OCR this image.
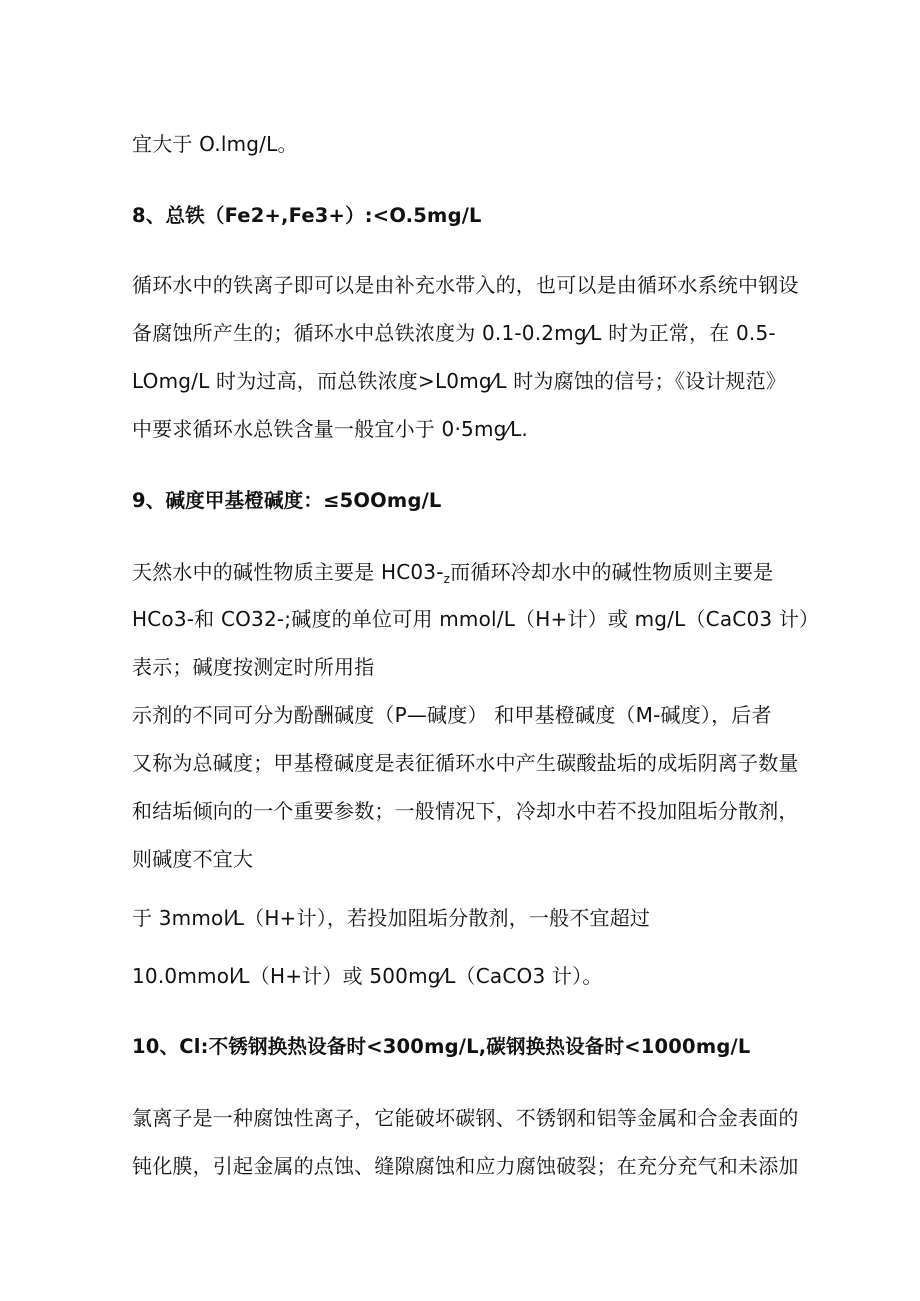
宜大于 O.lmg/L。
8、总铁（Fe2+,Fe3+）:<O.5mg/L
循环水中的铁离子即可以是由补充水带入的，也可以是由循环水系统中钢设
备腐蚀所产生的；循环水中总铁浓度为 0.1-0.2mg⁄L 时为正常，在 0.5-
LOmg/L 时为过高，而总铁浓度>L0mg⁄L 时为腐蚀的信号；《设计规范》
中要求循环水总铁含量一般宜小于 0·5mg⁄L.
9、碱度甲基橙碱度：≤5OOmg/L
天然水中的碱性物质主要是 $HC03-_z$而循环冷却水中的碱性物质则主要是
HCo3-和 CO32-;碱度的单位可用 mmol/L（H+计）或 mg/L（CaC03 计）
表示；碱度按测定时所用指
示剂的不同可分为酚酬碱度（P—碱度） 和甲基橙碱度（M-碱度），后者
又称为总碱度；甲基橙碱度是表征循环水中产生碳酸盐垢的成垢阴离子数量
和结垢倾向的一个重要参数；一般情况下，冷却水中若不投加阻垢分散剂，
则碱度不宜大
于 3mmol⁄L（H+计），若投加阻垢分散剂，一般不宜超过
10.0mmol⁄L（H+计）或 500mg⁄L（CaCO3 计）。
10、Cl:不锈钢换热设备时<300mg/L,碳钢换热设备时<1000mg/L
氯离子是一种腐蚀性离子，它能破坏碳钢、不锈钢和铝等金属和合金表面的
钝化膜，引起金属的点蚀、缝隙腐蚀和应力腐蚀破裂；在充分充气和未添加
